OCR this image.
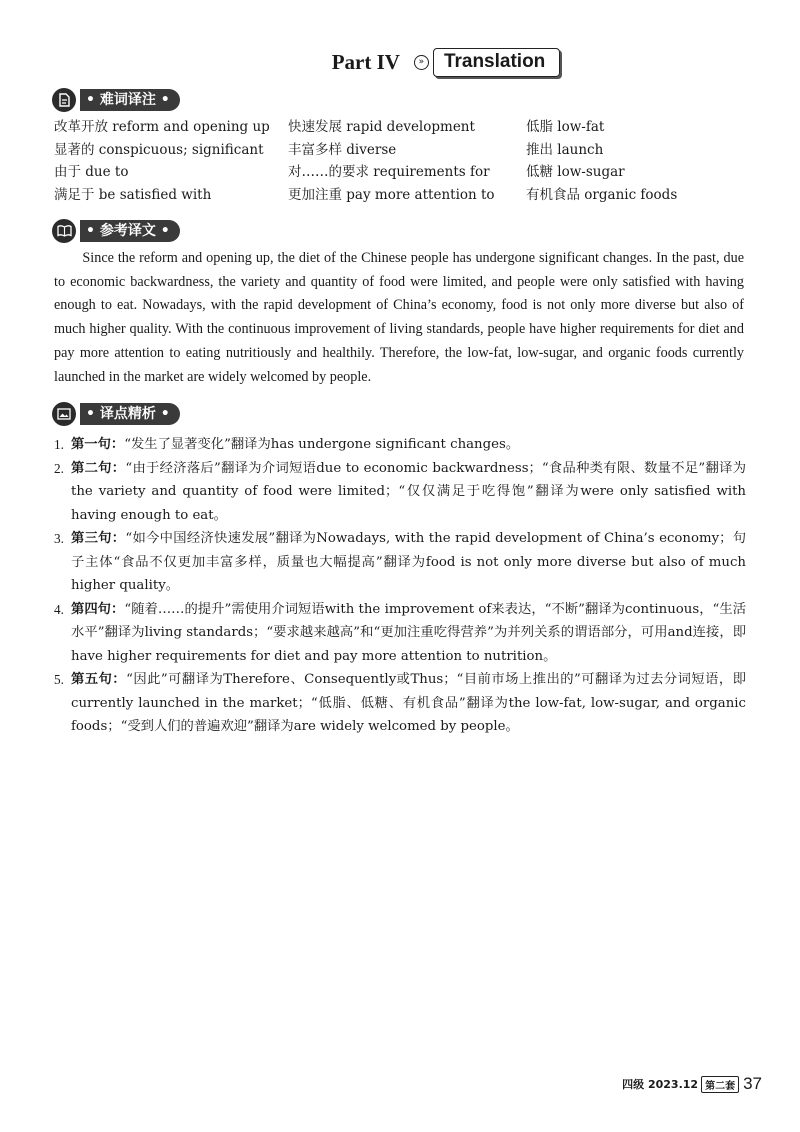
Part IV	»	Translation
• 难词译注 •
改革开放 reform and opening up	快速发展 rapid development	低脂 low-fat
显著的 conspicuous; significant	丰富多样 diverse	推出 launch
由于 due to	对……的要求 requirements for	低糖 low-sugar
满足于 be satisfied with	更加注重 pay more attention to	有机食品 organic foods
• 参考译文 •

Since the reform and opening up, the diet of the Chinese people has undergone significant changes. In the past, due to economic backwardness, the variety and quantity of food were limited, and people were only satisfied with having enough to eat. Nowadays, with the rapid development of China’s economy, food is not only more diverse but also of much higher quality. With the continuous improvement of living standards, people have higher requirements for diet and pay more attention to eating nutritiously and healthily. Therefore, the low-fat, low-sugar, and organic foods currently launched in the market are widely welcomed by people.

• 译点精析 •
1. 第一句：“发生了显著变化”翻译为has undergone significant changes。
2. 第二句：“由于经济落后”翻译为介词短语due to economic backwardness；“食品种类有限、数量不足”翻译为the variety and quantity of food were limited；“仅仅满足于吃得饱”翻译为were only satisfied with having enough to eat。
3. 第三句：“如今中国经济快速发展”翻译为Nowadays, with the rapid development of China’s economy；句子主体“食品不仅更加丰富多样，质量也大幅提高”翻译为food is not only more diverse but also of much higher quality。
4. 第四句：“随着……的提升”需使用介词短语with the improvement of来表达，“不断”翻译为continuous，“生活水平”翻译为living standards；“要求越来越高”和“更加注重吃得营养”为并列关系的谓语部分，可用and连接，即have higher requirements for diet and pay more attention to nutrition。
5. 第五句：“因此”可翻译为Therefore、Consequently或Thus；“目前市场上推出的”可翻译为过去分词短语，即currently launched in the market；“低脂、低糖、有机食品”翻译为the low-fat, low-sugar, and organic foods；“受到人们的普遍欢迎”翻译为are widely welcomed by people。
四级 2023.12 第二套 37
